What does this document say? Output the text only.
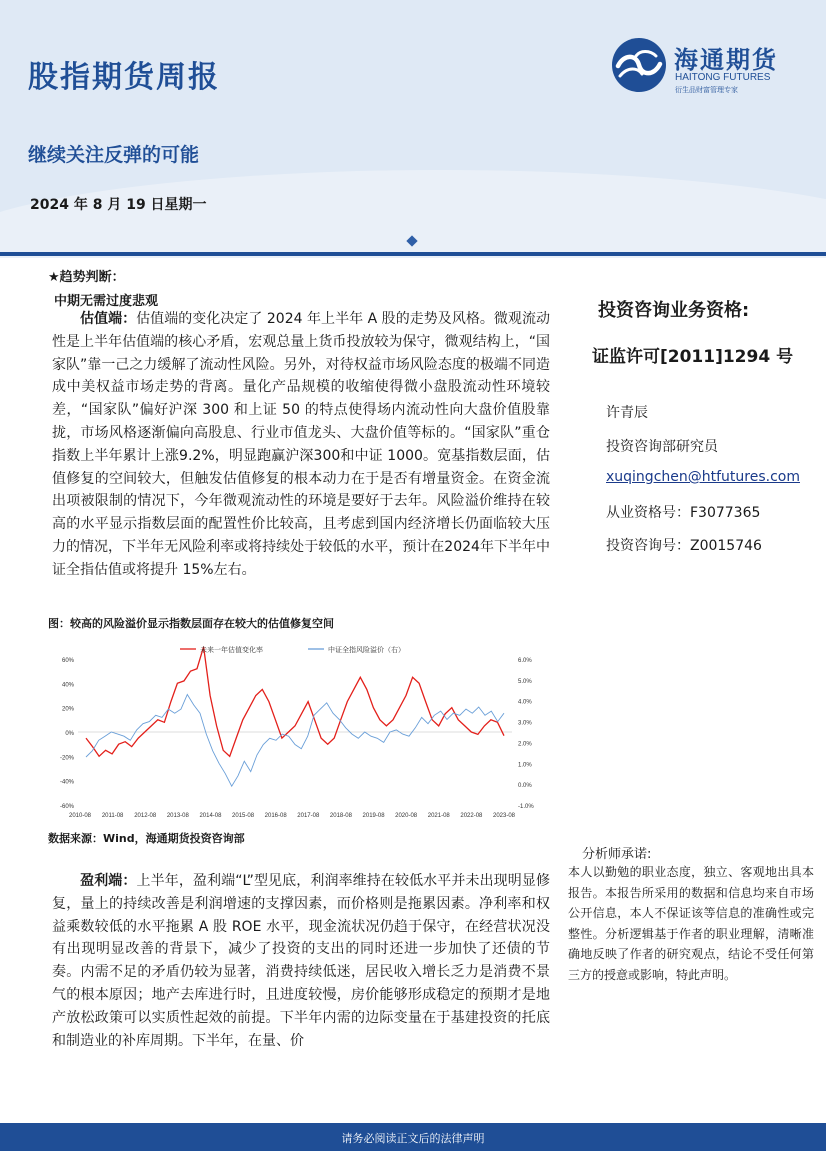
股指期货周报
继续关注反弹的可能
2024 年 8 月 19 日星期一
海通期货
HAITONG FUTURES
衍生品财富管理专家
★趋势判断：
中期无需过度悲观
估值端：估值端的变化决定了 2024 年上半年 A 股的走势及风格。微观流动性是上半年估值端的核心矛盾，宏观总量上货币投放较为保守，微观结构上，“国家队”靠一己之力缓解了流动性风险。另外，对待权益市场风险态度的极端不同造成中美权益市场走势的背离。量化产品规模的收缩使得微小盘股流动性环境较差，“国家队”偏好沪深 300 和上证 50 的特点使得场内流动性向大盘价值股靠拢，市场风格逐渐偏向高股息、行业市值龙头、大盘价值等标的。“国家队”重仓指数上半年累计上涨9.2%，明显跑赢沪深300和中证 1000。宽基指数层面，估值修复的空间较大，但触发估值修复的根本动力在于是否有增量资金。在资金流出项被限制的情况下，今年微观流动性的环境是要好于去年。风险溢价维持在较高的水平显示指数层面的配置性价比较高，且考虑到国内经济增长仍面临较大压力的情况，下半年无风险利率或将持续处于较低的水平，预计在2024年下半年中证全指估值或将提升 15%左右。
图：较高的风险溢价显示指数层面存在较大的估值修复空间
60%
40%
20%
0%
-20%
-40%
-60%
6.0%
5.0%
4.0%
3.0%
2.0%
1.0%
0.0%
-1.0%
2010-08 2011-08 2012-08 2013-08 2014-08 2015-08 2016-08 2017-08 2018-08 2019-08 2020-08 2021-08 2022-08 2023-08
未来一年估值变化率	中证全指风险溢价（右）
数据来源：Wind，海通期货投资咨询部
盈利端：上半年，盈利端“L”型见底，利润率维持在较低水平并未出现明显修复，量上的持续改善是利润增速的支撑因素，而价格则是拖累因素。净利率和权益乘数较低的水平拖累 A 股 ROE 水平，现金流状况仍趋于保守，在经营状况没有出现明显改善的背景下，减少了投资的支出的同时还进一步加快了还债的节奏。内需不足的矛盾仍较为显著，消费持续低迷，居民收入增长乏力是消费不景气的根本原因；地产去库进行时，且进度较慢，房价能够形成稳定的预期才是地产放松政策可以实质性起效的前提。下半年内需的边际变量在于基建投资的托底和制造业的补库周期。下半年，在量、价
投资咨询业务资格:
证监许可[2011]1294 号
许青辰
投资咨询部研究员
xuqingchen@htfutures.com
从业资格号：F3077365
投资咨询号：Z0015746
分析师承诺:
本人以勤勉的职业态度，独立、客观地出具本报告。本报告所采用的数据和信息均来自市场公开信息，本人不保证该等信息的准确性或完整性。分析逻辑基于作者的职业理解，清晰准确地反映了作者的研究观点，结论不受任何第三方的授意或影响，特此声明。
请务必阅读正文后的法律声明
